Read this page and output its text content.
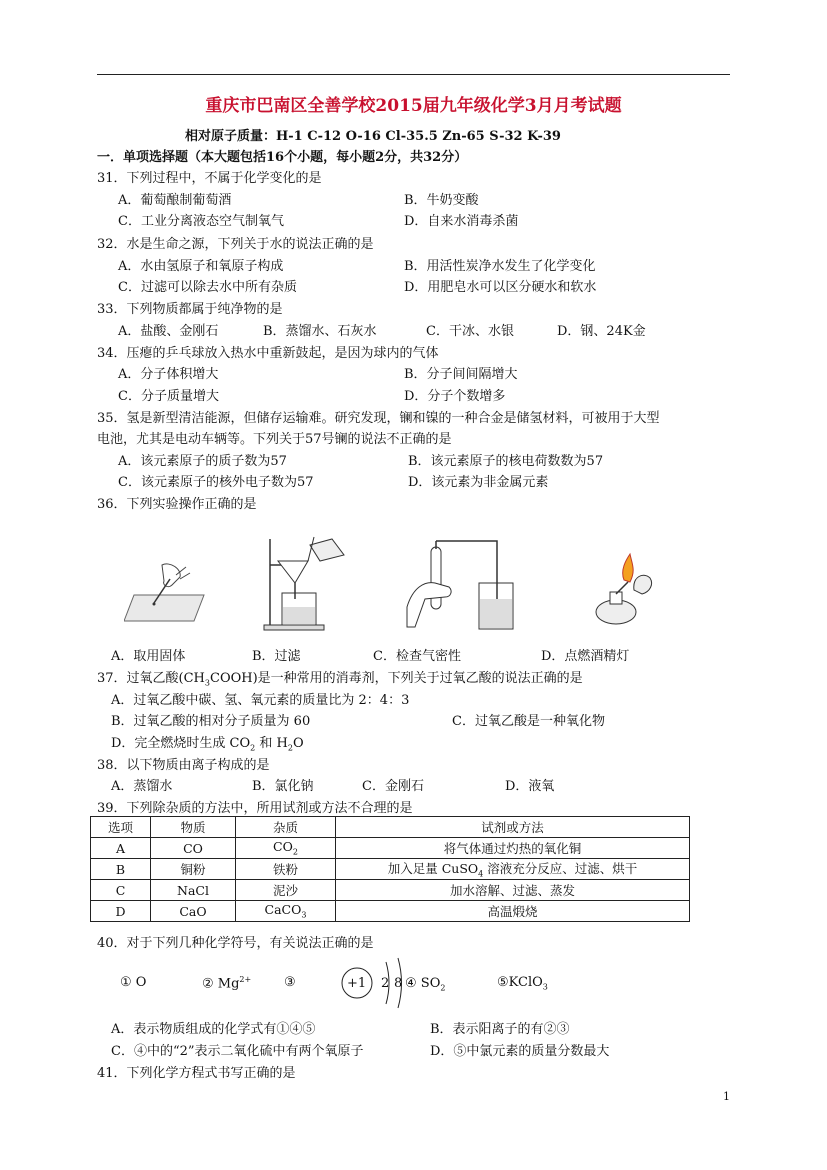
重庆市巴南区全善学校2015届九年级化学3月月考试题
相对原子质量：H-1 C-12 O-16 Cl-35.5 Zn-65 S-32 K-39
一．单项选择题（本大题包括16个小题，每小题2分，共32分）
31．下列过程中，不属于化学变化的是
A．葡萄酿制葡萄酒	B．牛奶变酸
C．工业分离液态空气制氧气	D．自来水消毒杀菌
32．水是生命之源，下列关于水的说法正确的是
A．水由氢原子和氧原子构成	B．用活性炭净水发生了化学变化
C．过滤可以除去水中所有杂质	D．用肥皂水可以区分硬水和软水
33．下列物质都属于纯净物的是
A．盐酸、金刚石	B．蒸馏水、石灰水	C．干冰、水银	D．钢、24K金
34．压瘪的乒乓球放入热水中重新鼓起，是因为球内的气体
A．分子体积增大	B．分子间间隔增大
C．分子质量增大	D．分子个数增多
35．氢是新型清洁能源，但储存运输难。研究发现，镧和镍的一种合金是储氢材料，可被用于大型
电池，尤其是电动车辆等。下列关于57号镧的说法不正确的是
A．该元素原子的质子数为57	B．该元素原子的核电荷数数为57
C．该元素原子的核外电子数为57	D．该元素为非金属元素
36．下列实验操作正确的是
A．取用固体	B．过滤	C．检查气密性	D．点燃酒精灯
37．过氧乙酸$(CH_3COOH)$是一种常用的消毒剂，下列关于过氧乙酸的说法正确的是
A．过氧乙酸中碳、氢、氧元素的质量比为 2：4：3
B．过氧乙酸的相对分子质量为 60	C．过氧乙酸是一种氧化物
D．完全燃烧时生成 $CO_2$ 和 $H_2O$
38．以下物质由离子构成的是
A．蒸馏水	B．氯化钠	C．金刚石	D．液氧
39．下列除杂质的方法中，所用试剂或方法不合理的是
选项	物质	杂质	试剂或方法
A	CO	$CO_2$	将气体通过灼热的氧化铜
B	铜粉	铁粉	加入足量 CuSO$_4$ 溶液充分反应、过滤、烘干
C	NaCl	泥沙	加水溶解、过滤、蒸发
D	CaO	CaCO$_3$	高温煅烧
40．对于下列几种化学符号，有关说法正确的是
① O	② $Mg^{2+}$	③	+1 2 8 ④ $SO_2$	⑤KClO$_3$
A．表示物质组成的化学式有①④⑤	B．表示阳离子的有②③
C．④中的“2”表示二氧化硫中有两个氧原子	D．⑤中氯元素的质量分数最大
41．下列化学方程式书写正确的是
1
